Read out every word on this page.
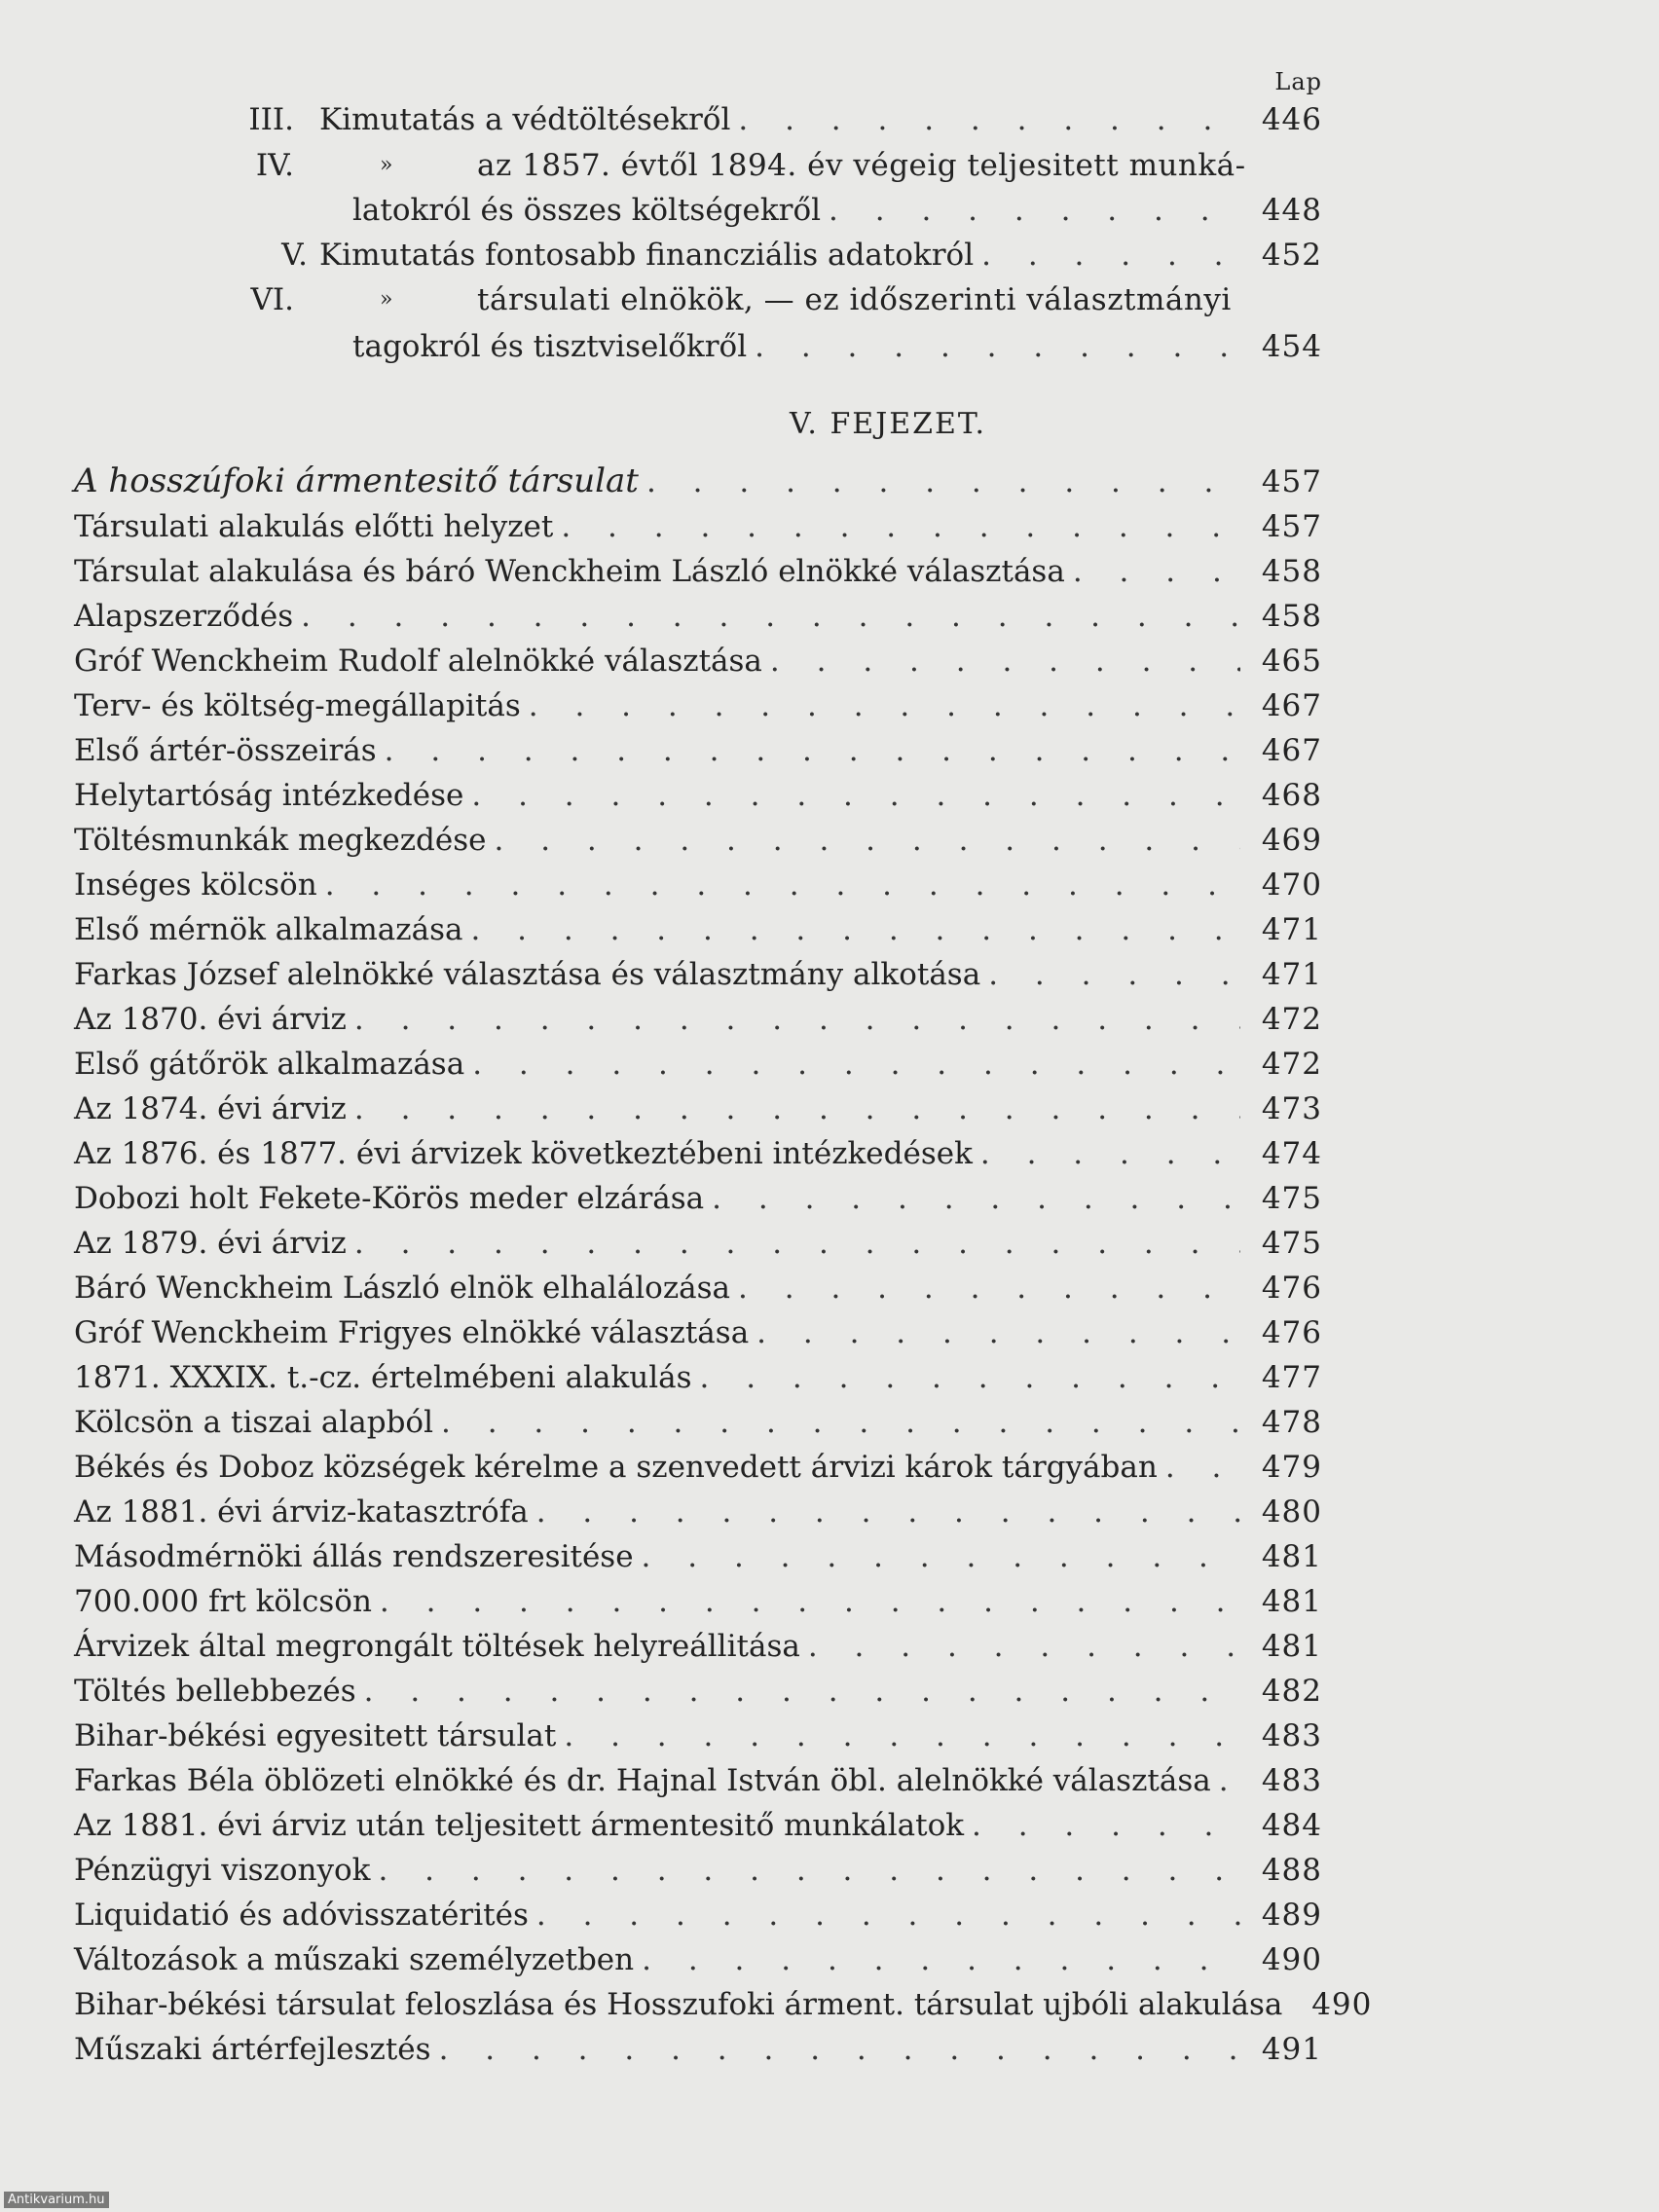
Lap
III. Kimutatás a védtöltésekről . . .	446
IV.	»	az 1857. évtől 1894. év végeig teljesitett munká-
latokról és összes költségekről . . .	448
V. Kimutatás fontosabb financziális adatokról . . .	452
VI.	»	társulati elnökök, — ez időszerinti választmányi
tagokról és tisztviselőkről . . .	454
V. FEJEZET.
A hosszúfoki ármentesitő társulat . . .	457
Társulati alakulás előtti helyzet . . .	457
Társulat alakulása és báró Wenckheim László elnökké választása . . .	458
Alapszerződés . . .	458
Gróf Wenckheim Rudolf alelnökké választása . . .	465
Terv- és költség-megállapitás . . .	467
Első ártér-összeirás . . .	467
Helytartóság intézkedése . . .	468
Töltésmunkák megkezdése . . .	469
Inséges kölcsön . . .	470
Első mérnök alkalmazása . . .	471
Farkas József alelnökké választása és választmány alkotása . . .	471
Az 1870. évi árviz . . .	472
Első gátőrök alkalmazása . . .	472
Az 1874. évi árviz . . .	473
Az 1876. és 1877. évi árvizek következtébeni intézkedések . . .	474
Dobozi holt Fekete-Körös meder elzárása . . .	475
Az 1879. évi árviz . . .	475
Báró Wenckheim László elnök elhalálozása . . .	476
Gróf Wenckheim Frigyes elnökké választása . . .	476
1871. XXXIX. t.-cz. értelmébeni alakulás . . .	477
Kölcsön a tiszai alapból . . .	478
Békés és Doboz községek kérelme a szenvedett árvizi károk tárgyában . . .	479
Az 1881. évi árviz-katasztrófa . . .	480
Másodmérnöki állás rendszeresitése . . .	481
700.000 frt kölcsön . . .	481
Árvizek által megrongált töltések helyreállitása . . .	481
Töltés bellebbezés . . .	482
Bihar-békési egyesitett társulat . . .	483
Farkas Béla öblözeti elnökké és dr. Hajnal István öbl. alelnökké választása . . . 483
Az 1881. évi árviz után teljesitett ármentesitő munkálatok . . .	484
Pénzügyi viszonyok . . .	488
Liquidatió és adóvisszatérités . . .	489
Változások a műszaki személyzetben . . .	490
Bihar-békési társulat feloszlása és Hosszufoki árment. társulat ujbóli alakulása 490
Műszaki ártérfejlesztés . . .	491
Antikvarium.hu
